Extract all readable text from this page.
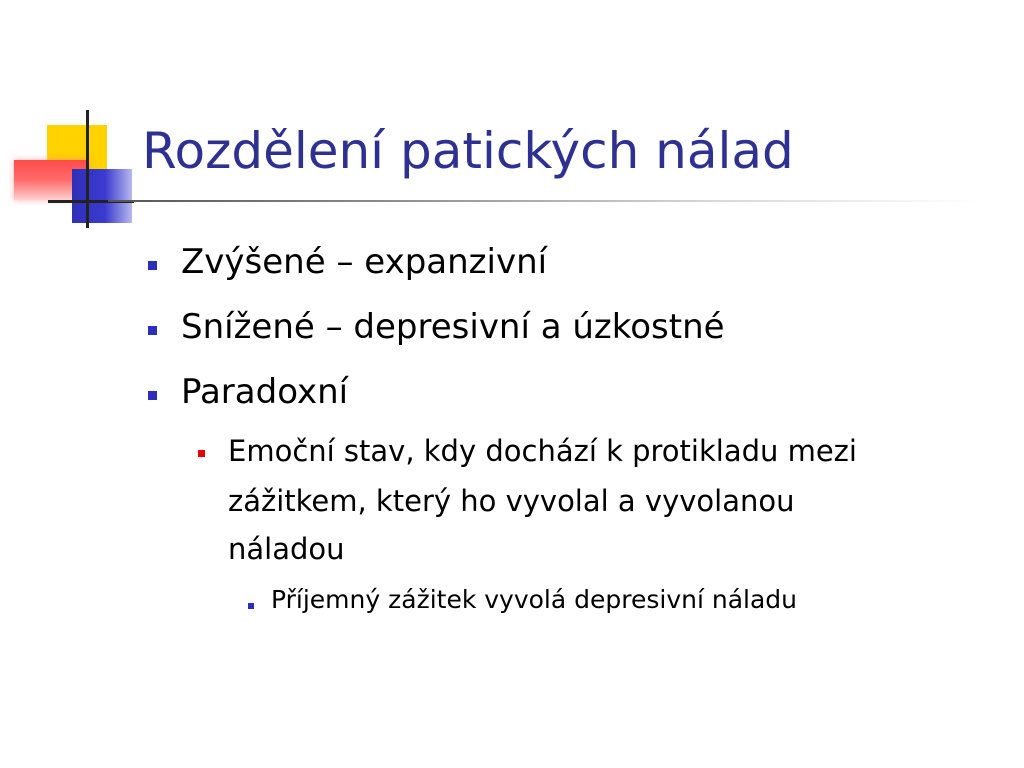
Rozdělení patických nálad
Zvýšené – expanzivní
Snížené – depresivní a úzkostné
Paradoxní
Emoční stav, kdy dochází k protikladu mezi
zážitkem, který ho vyvolal a vyvolanou
náladou
Příjemný zážitek vyvolá depresivní náladu
